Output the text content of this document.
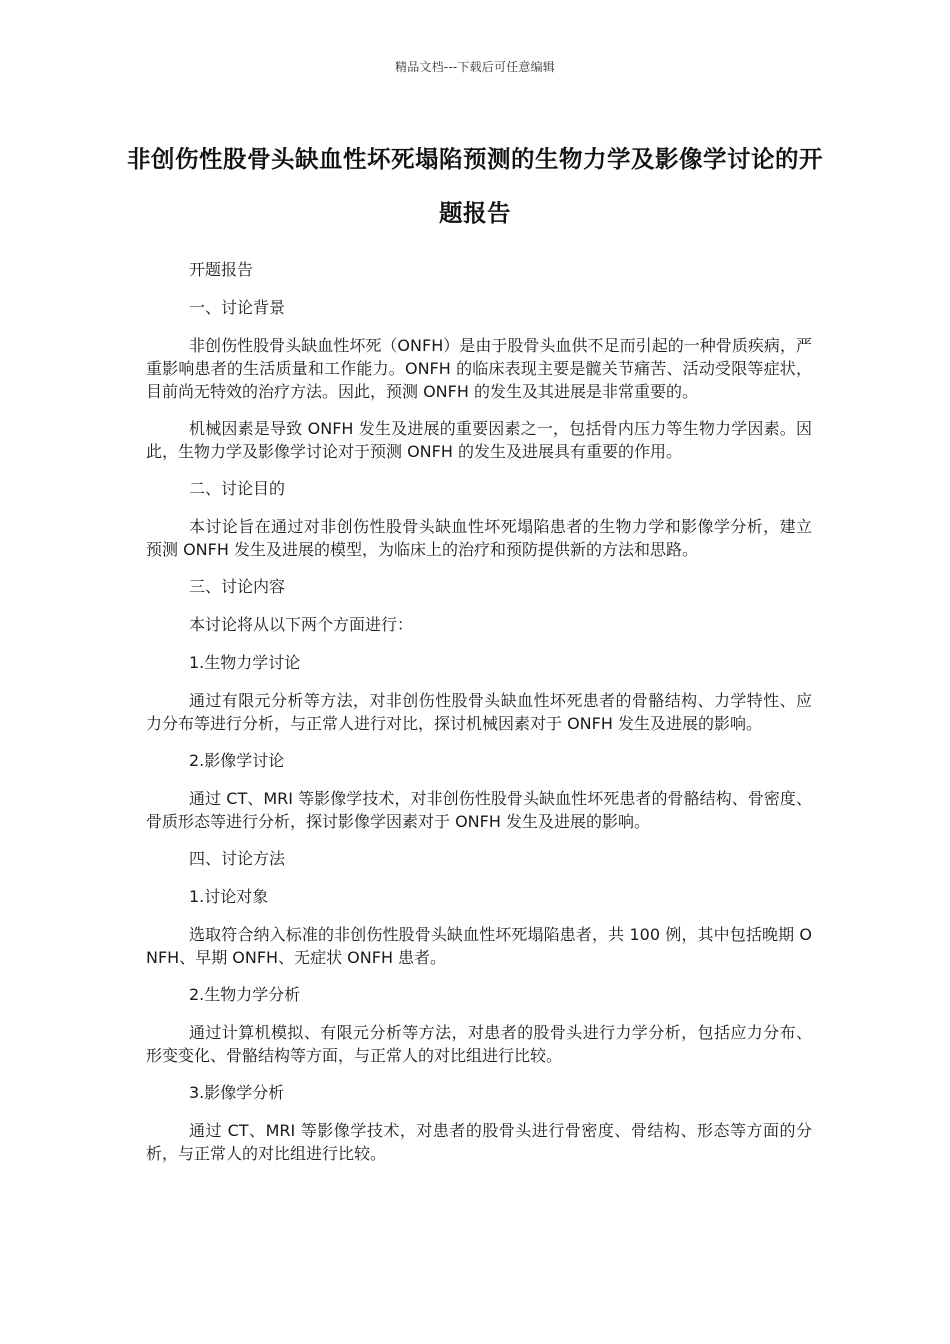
精品文档---下载后可任意编辑
非创伤性股骨头缺血性坏死塌陷预测的生物力学及影像学讨论的开题报告

开题报告

一、讨论背景

非创伤性股骨头缺血性坏死（ONFH）是由于股骨头血供不足而引起的一种骨质疾病，严重影响患者的生活质量和工作能力。ONFH 的临床表现主要是髋关节痛苦、活动受限等症状，目前尚无特效的治疗方法。因此，预测 ONFH 的发生及其进展是非常重要的。

机械因素是导致 ONFH 发生及进展的重要因素之一，包括骨内压力等生物力学因素。因此，生物力学及影像学讨论对于预测 ONFH 的发生及进展具有重要的作用。

二、讨论目的

本讨论旨在通过对非创伤性股骨头缺血性坏死塌陷患者的生物力学和影像学分析，建立预测 ONFH 发生及进展的模型，为临床上的治疗和预防提供新的方法和思路。

三、讨论内容

本讨论将从以下两个方面进行：

1.生物力学讨论

通过有限元分析等方法，对非创伤性股骨头缺血性坏死患者的骨骼结构、力学特性、应力分布等进行分析，与正常人进行对比，探讨机械因素对于 ONFH 发生及进展的影响。

2.影像学讨论

通过 CT、MRI 等影像学技术，对非创伤性股骨头缺血性坏死患者的骨骼结构、骨密度、骨质形态等进行分析，探讨影像学因素对于 ONFH 发生及进展的影响。

四、讨论方法

1.讨论对象

选取符合纳入标准的非创伤性股骨头缺血性坏死塌陷患者，共 100 例，其中包括晚期 ONFH、早期 ONFH、无症状 ONFH 患者。

2.生物力学分析

通过计算机模拟、有限元分析等方法，对患者的股骨头进行力学分析，包括应力分布、形变变化、骨骼结构等方面，与正常人的对比组进行比较。

3.影像学分析

通过 CT、MRI 等影像学技术，对患者的股骨头进行骨密度、骨结构、形态等方面的分析，与正常人的对比组进行比较。
